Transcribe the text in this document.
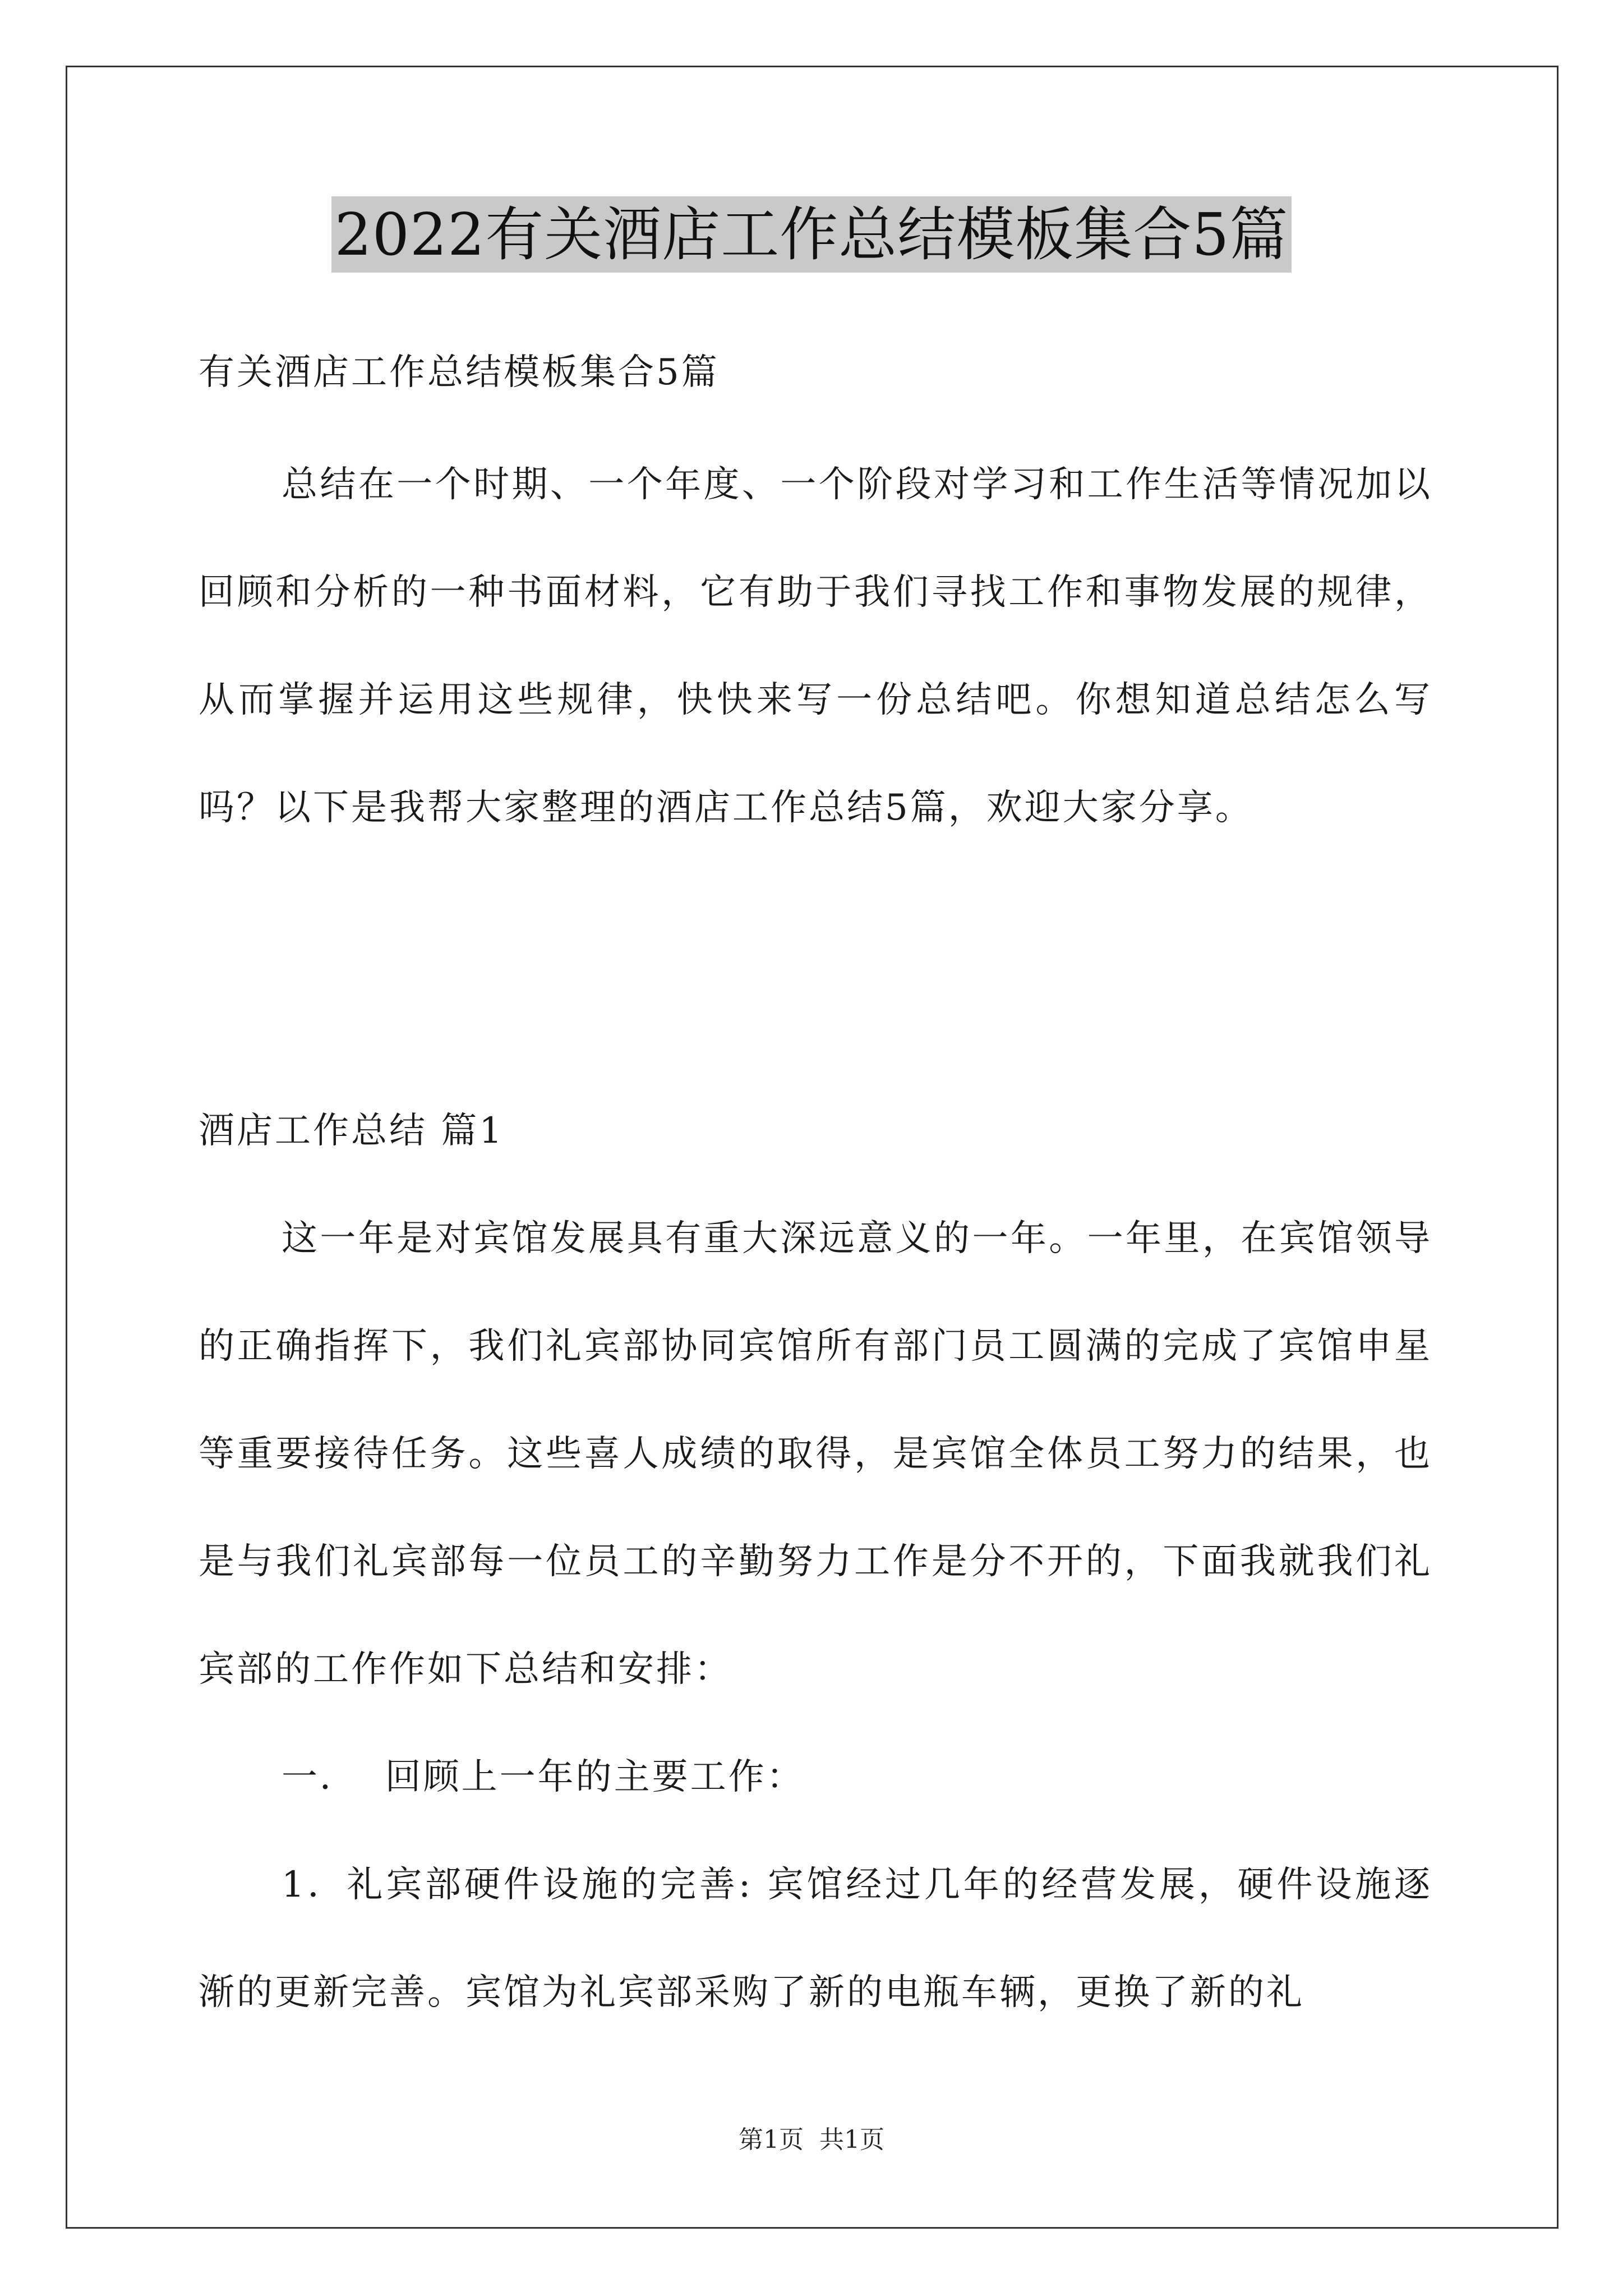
2022有关酒店工作总结模板集合5篇

有关酒店工作总结模板集合5篇

总结在一个时期、一个年度、一个阶段对学习和工作生活等情况加以回顾和分析的一种书面材料，它有助于我们寻找工作和事物发展的规律，从而掌握并运用这些规律，快快来写一份总结吧。你想知道总结怎么写吗？以下是我帮大家整理的酒店工作总结5篇，欢迎大家分享。

酒店工作总结 篇1

这一年是对宾馆发展具有重大深远意义的一年。一年里，在宾馆领导的正确指挥下，我们礼宾部协同宾馆所有部门员工圆满的完成了宾馆申星等重要接待任务。这些喜人成绩的取得，是宾馆全体员工努力的结果，也是与我们礼宾部每一位员工的辛勤努力工作是分不开的，下面我就我们礼宾部的工作作如下总结和安排：

一．  回顾上一年的主要工作：

1．礼宾部硬件设施的完善: 宾馆经过几年的经营发展，硬件设施逐渐的更新完善。宾馆为礼宾部采购了新的电瓶车辆，更换了新的礼

第1页  共1页
